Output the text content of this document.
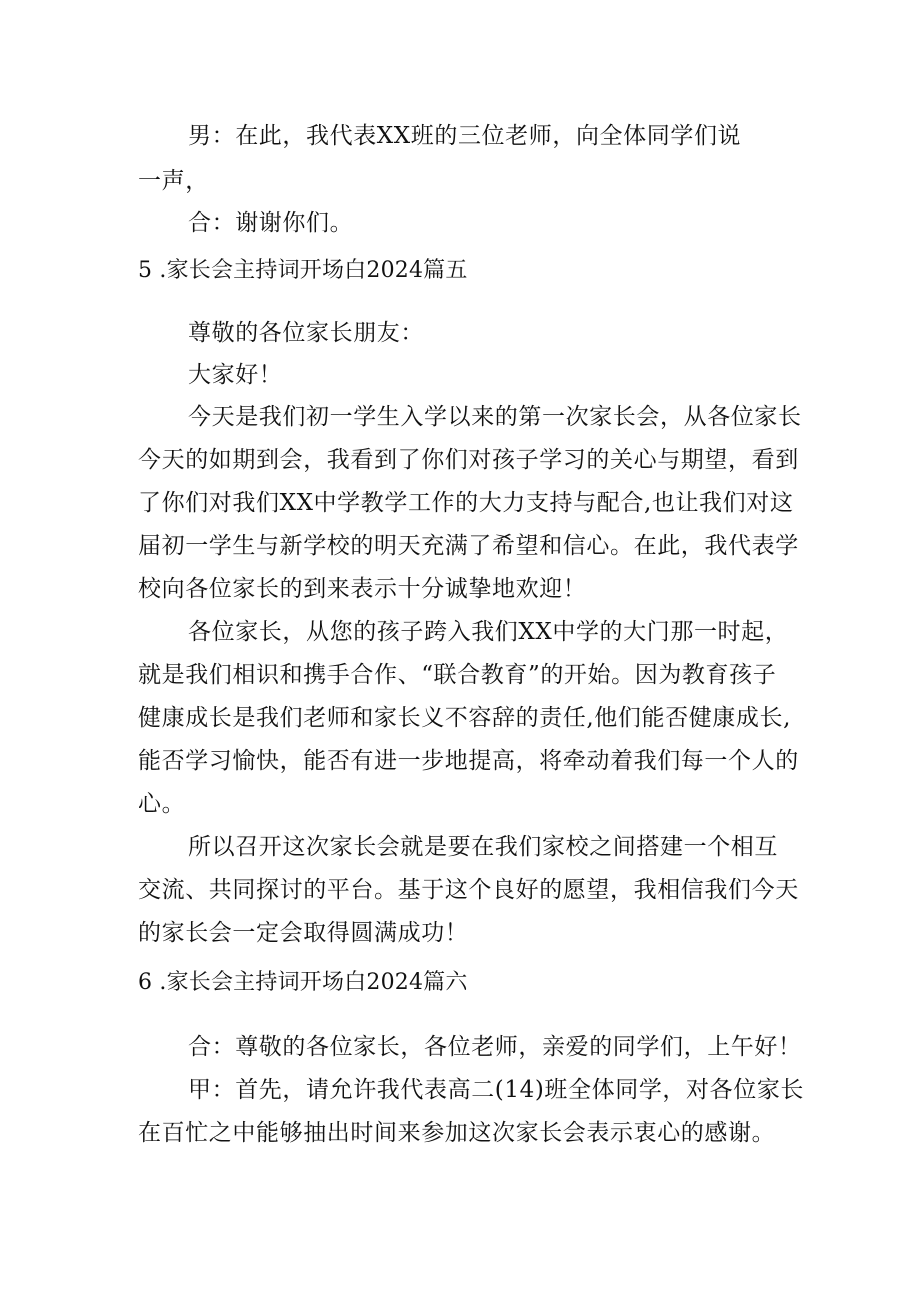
男：在此，我代表XX班的三位老师，向全体同学们说
一声，
合：谢谢你们。
5 .家长会主持词开场白2024篇五
尊敬的各位家长朋友：
大家好！
今天是我们初一学生入学以来的第一次家长会，从各位家长
今天的如期到会，我看到了你们对孩子学习的关心与期望，看到
了你们对我们XX中学教学工作的大力支持与配合,也让我们对这
届初一学生与新学校的明天充满了希望和信心。在此，我代表学
校向各位家长的到来表示十分诚挚地欢迎！
各位家长，从您的孩子跨入我们XX中学的大门那一时起，
就是我们相识和携手合作、“联合教育”的开始。因为教育孩子
健康成长是我们老师和家长义不容辞的责任,他们能否健康成长,
能否学习愉快，能否有进一步地提高，将牵动着我们每一个人的
心。
所以召开这次家长会就是要在我们家校之间搭建一个相互
交流、共同探讨的平台。基于这个良好的愿望，我相信我们今天
的家长会一定会取得圆满成功！
6 .家长会主持词开场白2024篇六
合：尊敬的各位家长，各位老师，亲爱的同学们，上午好！
甲：首先，请允许我代表高二(14)班全体同学，对各位家长
在百忙之中能够抽出时间来参加这次家长会表示衷心的感谢。
